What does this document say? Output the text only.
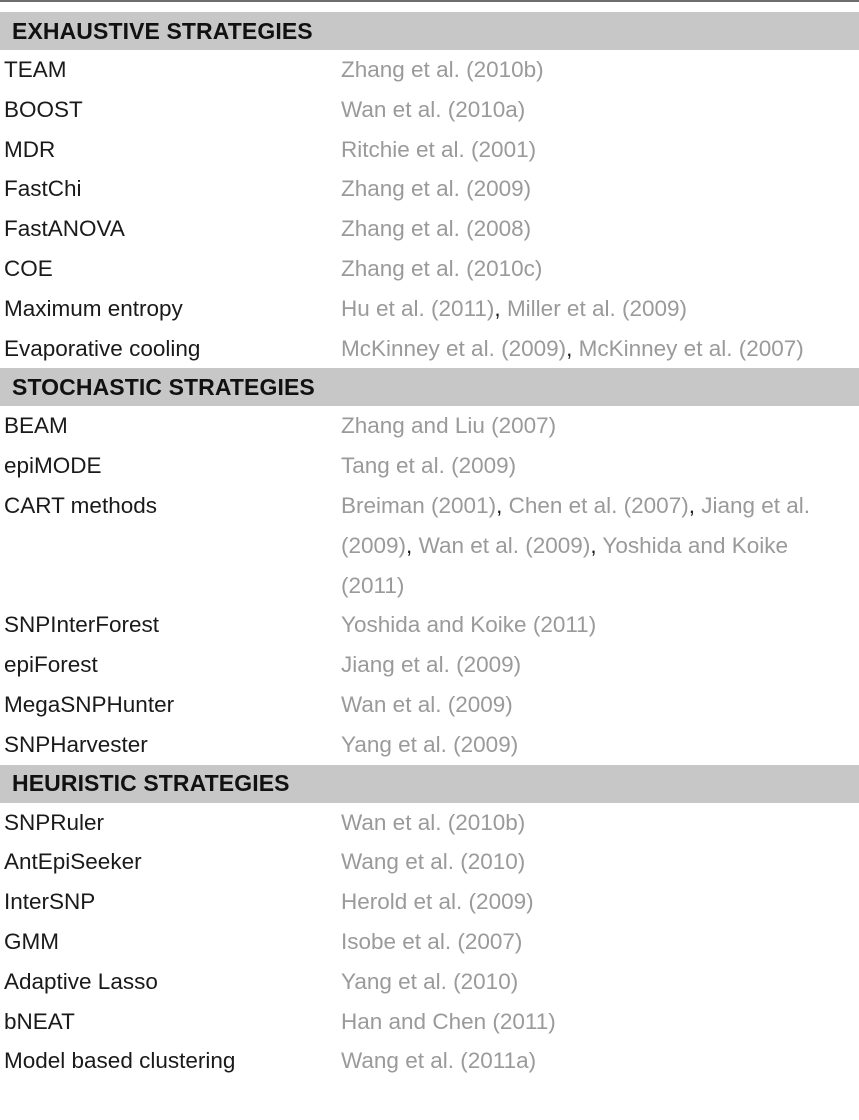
EXHAUSTIVE STRATEGIES
TEAM	Zhang et al. (2010b)
BOOST	Wan et al. (2010a)
MDR	Ritchie et al. (2001)
FastChi	Zhang et al. (2009)
FastANOVA	Zhang et al. (2008)
COE	Zhang et al. (2010c)
Maximum entropy	Hu et al. (2011), Miller et al. (2009)
Evaporative cooling	McKinney et al. (2009), McKinney et al. (2007)
STOCHASTIC STRATEGIES
BEAM	Zhang and Liu (2007)
epiMODE	Tang et al. (2009)
CART methods	Breiman (2001), Chen et al. (2007), Jiang et al. (2009), Wan et al. (2009), Yoshida and Koike (2011)
SNPInterForest	Yoshida and Koike (2011)
epiForest	Jiang et al. (2009)
MegaSNPHunter	Wan et al. (2009)
SNPHarvester	Yang et al. (2009)
HEURISTIC STRATEGIES
SNPRuler	Wan et al. (2010b)
AntEpiSeeker	Wang et al. (2010)
InterSNP	Herold et al. (2009)
GMM	Isobe et al. (2007)
Adaptive Lasso	Yang et al. (2010)
bNEAT	Han and Chen (2011)
Model based clustering	Wang et al. (2011a)
